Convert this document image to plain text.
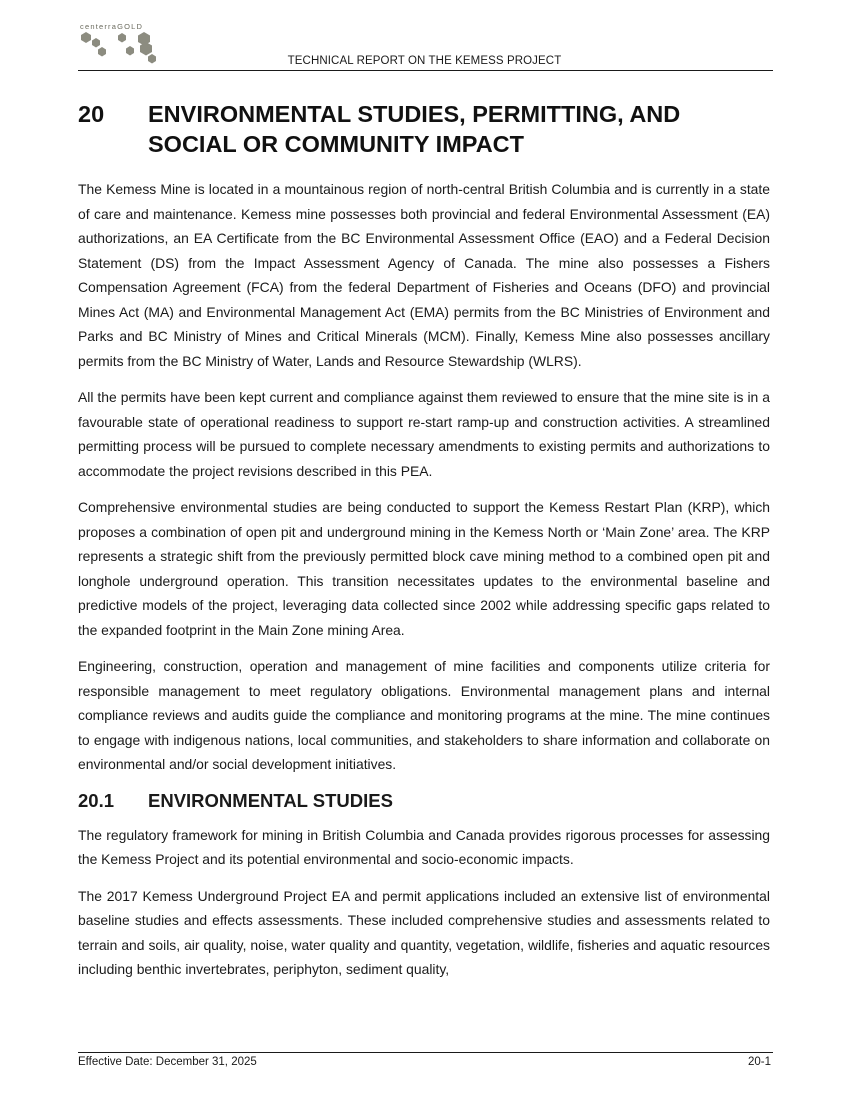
centerraGOLD
TECHNICAL REPORT ON THE KEMESS PROJECT
20 ENVIRONMENTAL STUDIES, PERMITTING, AND SOCIAL OR COMMUNITY IMPACT

The Kemess Mine is located in a mountainous region of north-central British Columbia and is currently in a state of care and maintenance. Kemess mine possesses both provincial and federal Environmental Assessment (EA) authorizations, an EA Certificate from the BC Environmental Assessment Office (EAO) and a Federal Decision Statement (DS) from the Impact Assessment Agency of Canada. The mine also possesses a Fishers Compensation Agreement (FCA) from the federal Department of Fisheries and Oceans (DFO) and provincial Mines Act (MA) and Environmental Management Act (EMA) permits from the BC Ministries of Environment and Parks and BC Ministry of Mines and Critical Minerals (MCM). Finally, Kemess Mine also possesses ancillary permits from the BC Ministry of Water, Lands and Resource Stewardship (WLRS).

All the permits have been kept current and compliance against them reviewed to ensure that the mine site is in a favourable state of operational readiness to support re-start ramp-up and construction activities. A streamlined permitting process will be pursued to complete necessary amendments to existing permits and authorizations to accommodate the project revisions described in this PEA.

Comprehensive environmental studies are being conducted to support the Kemess Restart Plan (KRP), which proposes a combination of open pit and underground mining in the Kemess North or ‘Main Zone’ area. The KRP represents a strategic shift from the previously permitted block cave mining method to a combined open pit and longhole underground operation. This transition necessitates updates to the environmental baseline and predictive models of the project, leveraging data collected since 2002 while addressing specific gaps related to the expanded footprint in the Main Zone mining Area.

Engineering, construction, operation and management of mine facilities and components utilize criteria for responsible management to meet regulatory obligations. Environmental management plans and internal compliance reviews and audits guide the compliance and monitoring programs at the mine. The mine continues to engage with indigenous nations, local communities, and stakeholders to share information and collaborate on environmental and/or social development initiatives.

20.1 ENVIRONMENTAL STUDIES

The regulatory framework for mining in British Columbia and Canada provides rigorous processes for assessing the Kemess Project and its potential environmental and socio-economic impacts.

The 2017 Kemess Underground Project EA and permit applications included an extensive list of environmental baseline studies and effects assessments. These included comprehensive studies and assessments related to terrain and soils, air quality, noise, water quality and quantity, vegetation, wildlife, fisheries and aquatic resources including benthic invertebrates, periphyton, sediment quality,

Effective Date: December 31, 2025	20-1
